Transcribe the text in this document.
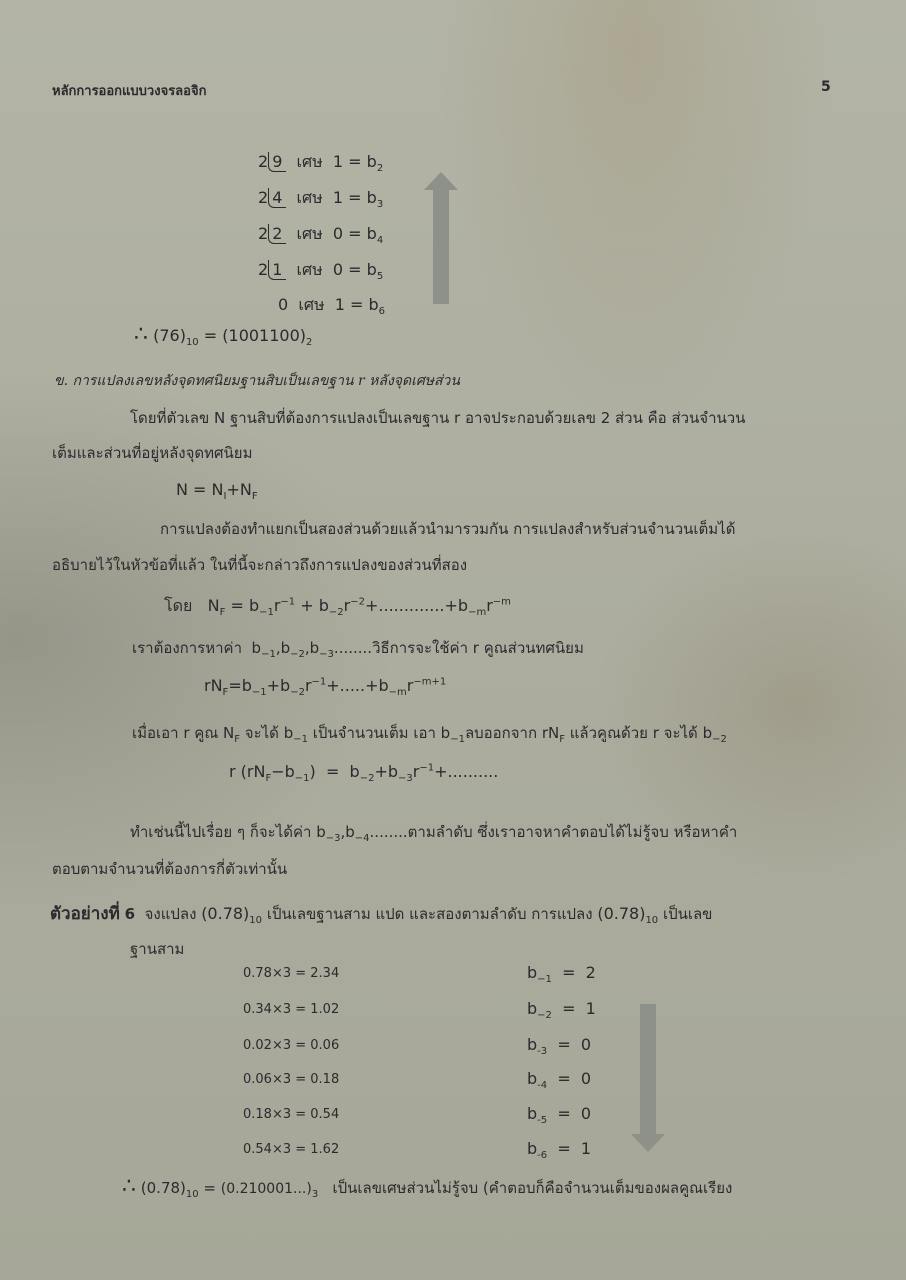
หลักการออกแบบวงจรลอจิก	5
2 9 เศษ $1 = b_2$
2 4 เศษ $1 = b_3$
2 2 เศษ $0 = b_4$
2 1 เศษ $0 = b_5$
0 เศษ $1 = b_6$
∴ $(76)_{10} = (1001100)_2$
ข. การแปลงเลขหลังจุดทศนิยมฐานสิบเป็นเลขฐาน r หลังจุดเศษส่วน
โดยที่ตัวเลข N ฐานสิบที่ต้องการแปลงเป็นเลขฐาน r อาจประกอบด้วยเลข 2 ส่วน คือ ส่วนจำนวน
เต็มและส่วนที่อยู่หลังจุดทศนิยม
$N = N_I+N_F$
การแปลงต้องทำแยกเป็นสองส่วนด้วยแล้วนำมารวมกัน การแปลงสำหรับส่วนจำนวนเต็มได้
อธิบายไว้ในหัวข้อที่แล้ว ในที่นี้จะกล่าวถึงการแปลงของส่วนที่สอง
โดย   $N_F = b_{-1}r^{-1} + b_{-2}r^{-2}+.............+b_{-m}r^{-m}$
เราต้องการหาค่า  $b_{-1},b_{-2},b_{-3}$........วิธีการจะใช้ค่า r คูณส่วนทศนิยม
$rN_F=b_{-1}+b_{-2}r^{-1}+.....+b_{-m}r^{-m+1}$
เมื่อเอา r คูณ $N_F$ จะได้ $b_{-1}$ เป็นจำนวนเต็ม เอา $b_{-1}$ลบออกจาก $rN_F$ แล้วคูณด้วย r จะได้ $b_{-2}$
r $(rN_F-b_{-1}) = b_{-2}+b_{-3}r^{-1}+$..........
ทำเช่นนี้ไปเรื่อย ๆ ก็จะได้ค่า $b_{-3},b_{-4}$........ตามลำดับ ซึ่งเราอาจหาคำตอบได้ไม่รู้จบ หรือหาคำ
ตอบตามจำนวนที่ต้องการกี่ตัวเท่านั้น
ตัวอย่างที่ 6 จงแปลง $(0.78)_{10}$ เป็นเลขฐานสาม แปด และสองตามลำดับ การแปลง $(0.78)_{10}$ เป็นเลข
ฐานสาม
0.78×3 = 2.34	$b_{-1} = 2$
0.34×3 = 1.02	$b_{-2} = 1$
0.02×3 = 0.06	$b_{-3} = 0$
0.06×3 = 0.18	$b_{-4} = 0$
0.18×3 = 0.54	$b_{-5} = 0$
0.54×3 = 1.62	$b_{-6} = 1$
∴ $(0.78)_{10} = (0.210001...)_3$ เป็นเลขเศษส่วนไม่รู้จบ (คำตอบก็คือจำนวนเต็มของผลคูณเรียง
